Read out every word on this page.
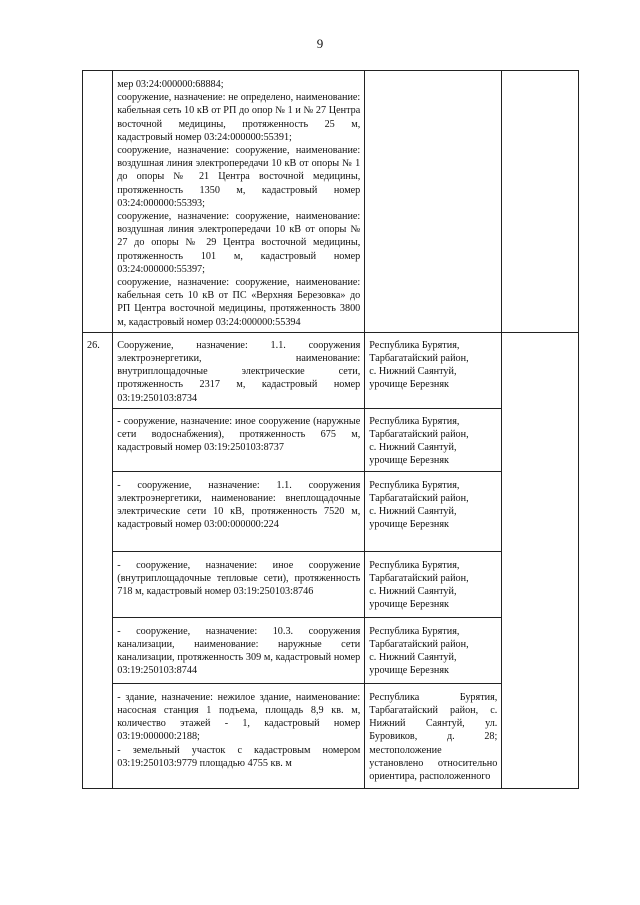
9

	мер 03:24:000000:68884;

сооружение, назначение: не определено, наименование: кабельная сеть 10 кВ от РП до опор № 1 и № 27 Центра восточной медицины, протяженность 25 м, кадастровый номер 03:24:000000:55391;

сооружение, назначение: сооружение, наименование: воздушная линия электропередачи 10 кВ от опоры № 1 до опоры № 21 Центра восточной медицины, протяженность 1350 м, кадастровый номер 03:24:000000:55393;

сооружение, назначение: сооружение, наименование: воздушная линия электропередачи 10 кВ от опоры № 27 до опоры № 29 Центра восточной медицины, протяженность 101 м, кадастровый номер 03:24:000000:55397;

сооружение, назначение: сооружение, наименование: кабельная сеть 10 кВ от ПС «Верхняя Березовка» до РП Центра восточной медицины, протяженность 3800 м, кадастровый номер 03:24:000000:55394		

26.	Сооружение, назначение: 1.1. сооружения электроэнергетики, наименование: внутриплощадочные электрические сети, протяженность 2317 м, кадастровый номер 03:19:250103:8734	Республика Бурятия,
Тарбагатайский район,
с. Нижний Саянтуй,
урочище Березняк	

	- сооружение, назначение: иное сооружение (наружные сети водоснабжения), протяженность 675 м, кадастровый номер 03:19:250103:8737	Республика Бурятия,
Тарбагатайский район,
с. Нижний Саянтуй,
урочище Березняк	

	- сооружение, назначение: 1.1. сооружения электроэнергетики, наименование: внеплощадочные электрические сети 10 кВ, протяженность 7520 м, кадастровый номер 03:00:000000:224	Республика Бурятия,
Тарбагатайский район,
с. Нижний Саянтуй,
урочище Березняк	

	- сооружение, назначение: иное сооружение (внутриплощадочные тепловые сети), протяженность 718 м, кадастровый номер 03:19:250103:8746	Республика Бурятия,
Тарбагатайский район,
с. Нижний Саянтуй,
урочище Березняк	

	- сооружение, назначение: 10.3. сооружения канализации, наименование: наружные сети канализации, протяженность 309 м, кадастровый номер 03:19:250103:8744	Республика Бурятия,
Тарбагатайский район,
с. Нижний Саянтуй,
урочище Березняк	

	- здание, назначение: нежилое здание, наименование: насосная станция 1 подъема, площадь 8,9 кв. м, количество этажей - 1, кадастровый номер 03:19:000000:2188;

- земельный участок с кадастровым номером 03:19:250103:9779 площадью 4755 кв. м	Республика Бурятия, Тарбагатайский район, с. Нижний Саянтуй, ул. Буровиков, д. 28; местоположение установлено относительно ориентира, расположенного	
